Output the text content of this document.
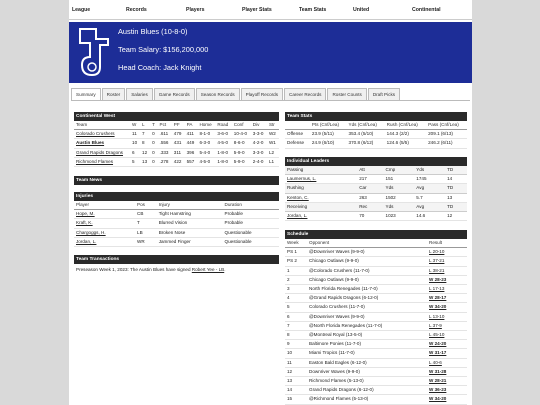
League	Records	Players	Player Stats	Team Stats	United	Continental
Austin Blues (10-8-0)
Team Salary: $156,200,000
Head Coach: Jack Knight
Summary	Roster	Salaries	Game Records	Season Records	Playoff Records	Career Records	Roster Counts	Draft Picks
Continental West
Team	W	L	T	Pct	PF	PA	Home	Road	Conf	Div	Str
Colorado Crushers	11	7	0	.611	479	411	8-1-0	3-6-0	10-4-0	3-3-0	W2
Austin Blues	10	8	0	.556	431	449	6-3-0	4-5-0	8-6-0	4-2-0	W1
Grand Rapids Dragons	6	12	0	.333	311	396	5-4-0	1-8-0	5-9-0	3-3-0	L2
Richmond Flames	5	13	0	.278	422	557	4-5-0	1-8-0	5-9-0	2-4-0	L1
Team News
Injuries
Player	Pos	Injury	Duration
Hope, M.	CB	Tight Hamstring	Probable
Kraft, K.	T	Blurred Vision	Probable
Chargoggs, H.	LB	Broken Nose	Questionable
Jordan, L.	WR	Jammed Finger	Questionable
Team Transactions
Preseason Week 1, 2023: The Austin Blues have signed Robert Yee - LB.
Team Stats
	Pts (Cnf/Lea)	Yds (Cnf/Lea)	Rush (Cnf/Lea)	Pass (Cnf/Lea)
Offense	23.9 (5/11)	353.4 (5/10)	144.3 (2/2)	209.1 (6/13)
Defense	24.9 (6/10)	370.8 (6/12)	124.6 (5/5)	246.2 (6/11)
Individual Leaders
Passing	Att	Cmp	Yds	TD
Laumernus, L.	217	151	1745	14
Rushing	Car	Yds	Avg	TD
Kenton, C.	263	1502	5.7	13
Receiving	Rec	Yds	Avg	TD
Jordan, L.	70	1023	14.6	12
Schedule
Week	Opponent	Result
PS 1	@Downriver Waves (9-9-0)	L 20-10
PS 2	Chicago Outlaws (9-9-0)	L 37-21
1	@Colorado Crushers (11-7-0)	L 38-21
2	Chicago Outlaws (9-9-0)	W 28-23
3	North Florida Renegades (11-7-0)	L 17-13
4	@Grand Rapids Dragons (6-12-0)	W 28-17
5	Colorado Crushers (11-7-0)	W 34-20
6	@Downriver Waves (9-9-0)	L 13-10
7	@North Florida Renegades (11-7-0)	L 37-9
8	@Montreal Royal (13-5-0)	L 45-10
9	Baltimore Ponies (11-7-0)	W 24-20
10	Miami Tropics (11-7-0)	W 31-17
11	Easton Bald Eagles (6-12-0)	L 40-6
12	Downriver Waves (9-9-0)	W 31-28
13	Richmond Flames (5-13-0)	W 28-21
14	Grand Rapids Dragons (6-12-0)	W 36-23
15	@Richmond Flames (5-13-0)	W 34-20
